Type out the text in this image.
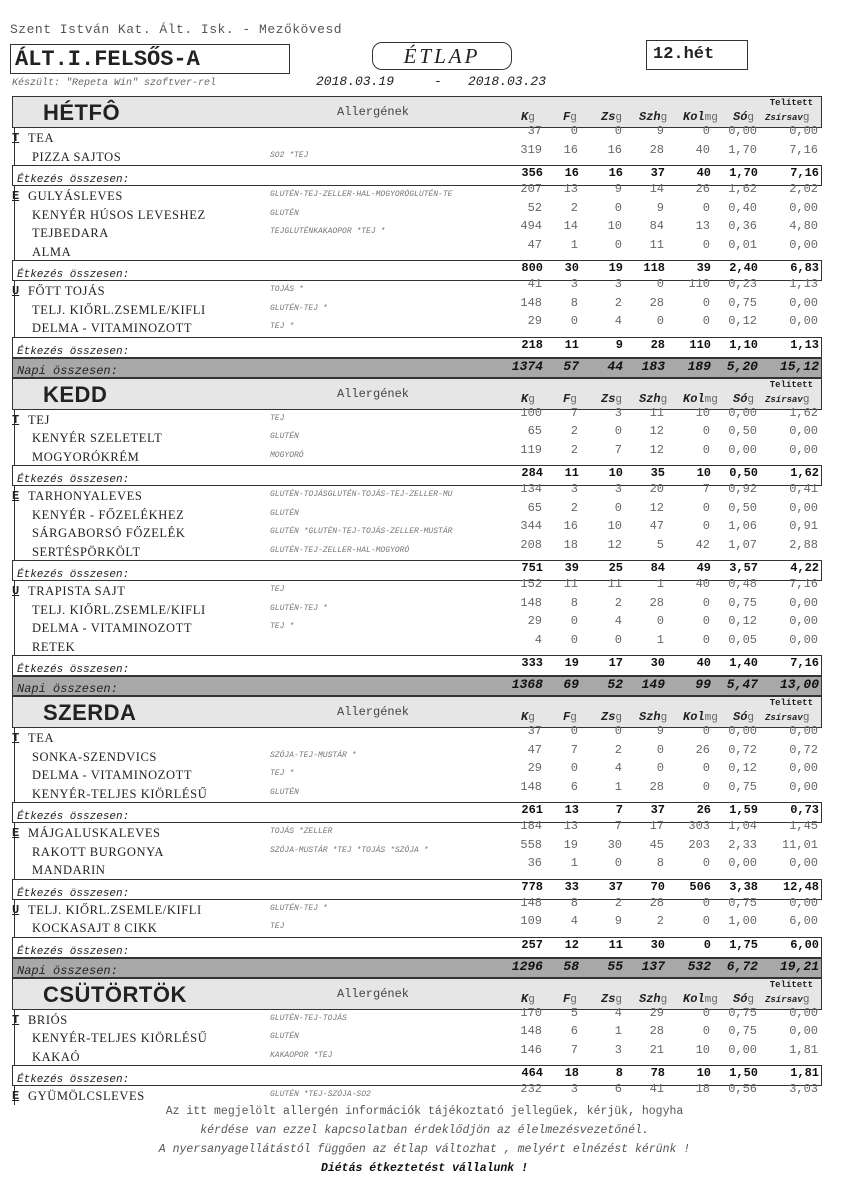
Szent István Kat. Ált. Isk. - Mezőkövesd
ÁLT.I.FELSŐS-A	ÉTLAP	12.hét
Készült: "Repeta Win" szoftver-rel	2018.03.19	- 2018.03.23
HÉTFÔ	Allergének
Telített
Kg Fg Zsg Szhg Kolmg Sóg Zsírsavg
T TEA	37	0	0	9	0	0,00	0,00
PIZZA SAJTOS	SO2 *TEJ	319	16	16	28	40	1,70	7,16
Étkezés összesen:	356	16	16	37	40	1,70	7,16
E GULYÁSLEVES	GLUTÉN-TEJ-ZELLER-HAL-MOGYORÓGLUTÉN-TE	207	13	9	14	26	1,62	2,02
KENYÉR HÚSOS LEVESHEZ	GLUTÉN	52	2	0	9	0	0,40	0,00
TEJBEDARA	TEJGLUTÉNKAKAOPOR *TEJ *	494	14	10	84	13	0,36	4,80
ALMA	47	1	0	11	0	0,01	0,00
Étkezés összesen:	800	30	19	118	39	2,40	6,83
U FŐTT TOJÁS	TOJÁS *	41	3	3	0	110	0,23	1,13
TELJ. KIŐRL.ZSEMLE/KIFLI	GLUTÉN-TEJ *	148	8	2	28	0	0,75	0,00
DELMA - VITAMINOZOTT	TEJ *	29	0	4	0	0	0,12	0,00
Étkezés összesen:	218	11	9	28	110	1,10	1,13
Napi összesen:	1374	57	44	183	189	5,20	15,12
KEDD	Allergének
Telített
Kg Fg Zsg Szhg Kolmg Sóg Zsírsavg
T TEJ	TEJ	100	7	3	11	10	0,00	1,62
KENYÉR SZELETELT	GLUTÉN	65	2	0	12	0	0,50	0,00
MOGYORÓKRÉM	MOGYORÓ	119	2	7	12	0	0,00	0,00
Étkezés összesen:	284	11	10	35	10	0,50	1,62
E TARHONYALEVES	GLUTÉN-TOJÁSGLUTÉN-TOJÁS-TEJ-ZELLER-MU	134	3	3	20	7	0,92	0,41
KENYÉR - FŐZELÉKHEZ	GLUTÉN	65	2	0	12	0	0,50	0,00
SÁRGABORSÓ FŐZELÉK	GLUTÉN *GLUTÉN-TEJ-TOJÁS-ZELLER-MUSTÁR	344	16	10	47	0	1,06	0,91
SERTÉSPÖRKÖLT	GLUTÉN-TEJ-ZELLER-HAL-MOGYORÓ	208	18	12	5	42	1,07	2,88
Étkezés összesen:	751	39	25	84	49	3,57	4,22
U TRAPISTA SAJT	TEJ	152	11	11	1	40	0,48	7,16
TELJ. KIŐRL.ZSEMLE/KIFLI	GLUTÉN-TEJ *	148	8	2	28	0	0,75	0,00
DELMA - VITAMINOZOTT	TEJ *	29	0	4	0	0	0,12	0,00
RETEK	4	0	0	1	0	0,05	0,00
Étkezés összesen:	333	19	17	30	40	1,40	7,16
Napi összesen:	1368	69	52	149	99	5,47	13,00
SZERDA	Allergének
Telített
Kg Fg Zsg Szhg Kolmg Sóg Zsírsavg
T TEA	37	0	0	9	0	0,00	0,00
SONKA-SZENDVICS	SZÓJA-TEJ-MUSTÁR *	47	7	2	0	26	0,72	0,72
DELMA - VITAMINOZOTT	TEJ *	29	0	4	0	0	0,12	0,00
KENYÉR-TELJES KIÖRLÉSŰ	GLUTÉN	148	6	1	28	0	0,75	0,00
Étkezés összesen:	261	13	7	37	26	1,59	0,73
E MÁJGALUSKALEVES	TOJÁS *ZELLER	184	13	7	17	303	1,04	1,45
RAKOTT BURGONYA	SZÓJA-MUSTÁR *TEJ *TOJÁS *SZÓJA *	558	19	30	45	203	2,33	11,01
MANDARIN	36	1	0	8	0	0,00	0,00
Étkezés összesen:	778	33	37	70	506	3,38	12,48
U TELJ. KIŐRL.ZSEMLE/KIFLI	GLUTÉN-TEJ *	148	8	2	28	0	0,75	0,00
KOCKASAJT 8 CIKK	TEJ	109	4	9	2	0	1,00	6,00
Étkezés összesen:	257	12	11	30	0	1,75	6,00
Napi összesen:	1296	58	55	137	532	6,72	19,21
CSÜTÖRTÖK	Allergének
Telített
Kg Fg Zsg Szhg Kolmg Sóg Zsírsavg
T BRIÓS	GLUTÉN-TEJ-TOJÁS	170	5	4	29	0	0,75	0,00
KENYÉR-TELJES KIÖRLÉSŰ	GLUTÉN	148	6	1	28	0	0,75	0,00
KAKAÓ	KAKAOPOR *TEJ	146	7	3	21	10	0,00	1,81
Étkezés összesen:	464	18	8	78	10	1,50	1,81
E GYÜMÖLCSLEVES	GLUTÉN *TEJ-SZÓJA-SO2	232	3	6	41	18	0,56	3,03
Az itt megjelölt allergén információk tájékoztató jellegűek, kérjük, hogyha
kérdése van ezzel kapcsolatban érdeklődjön az élelmezésvezetőnél.
A nyersanyagellátástól függően az étlap változhat , melyért elnézést kérünk !
Diétás étkeztetést vállalunk !
